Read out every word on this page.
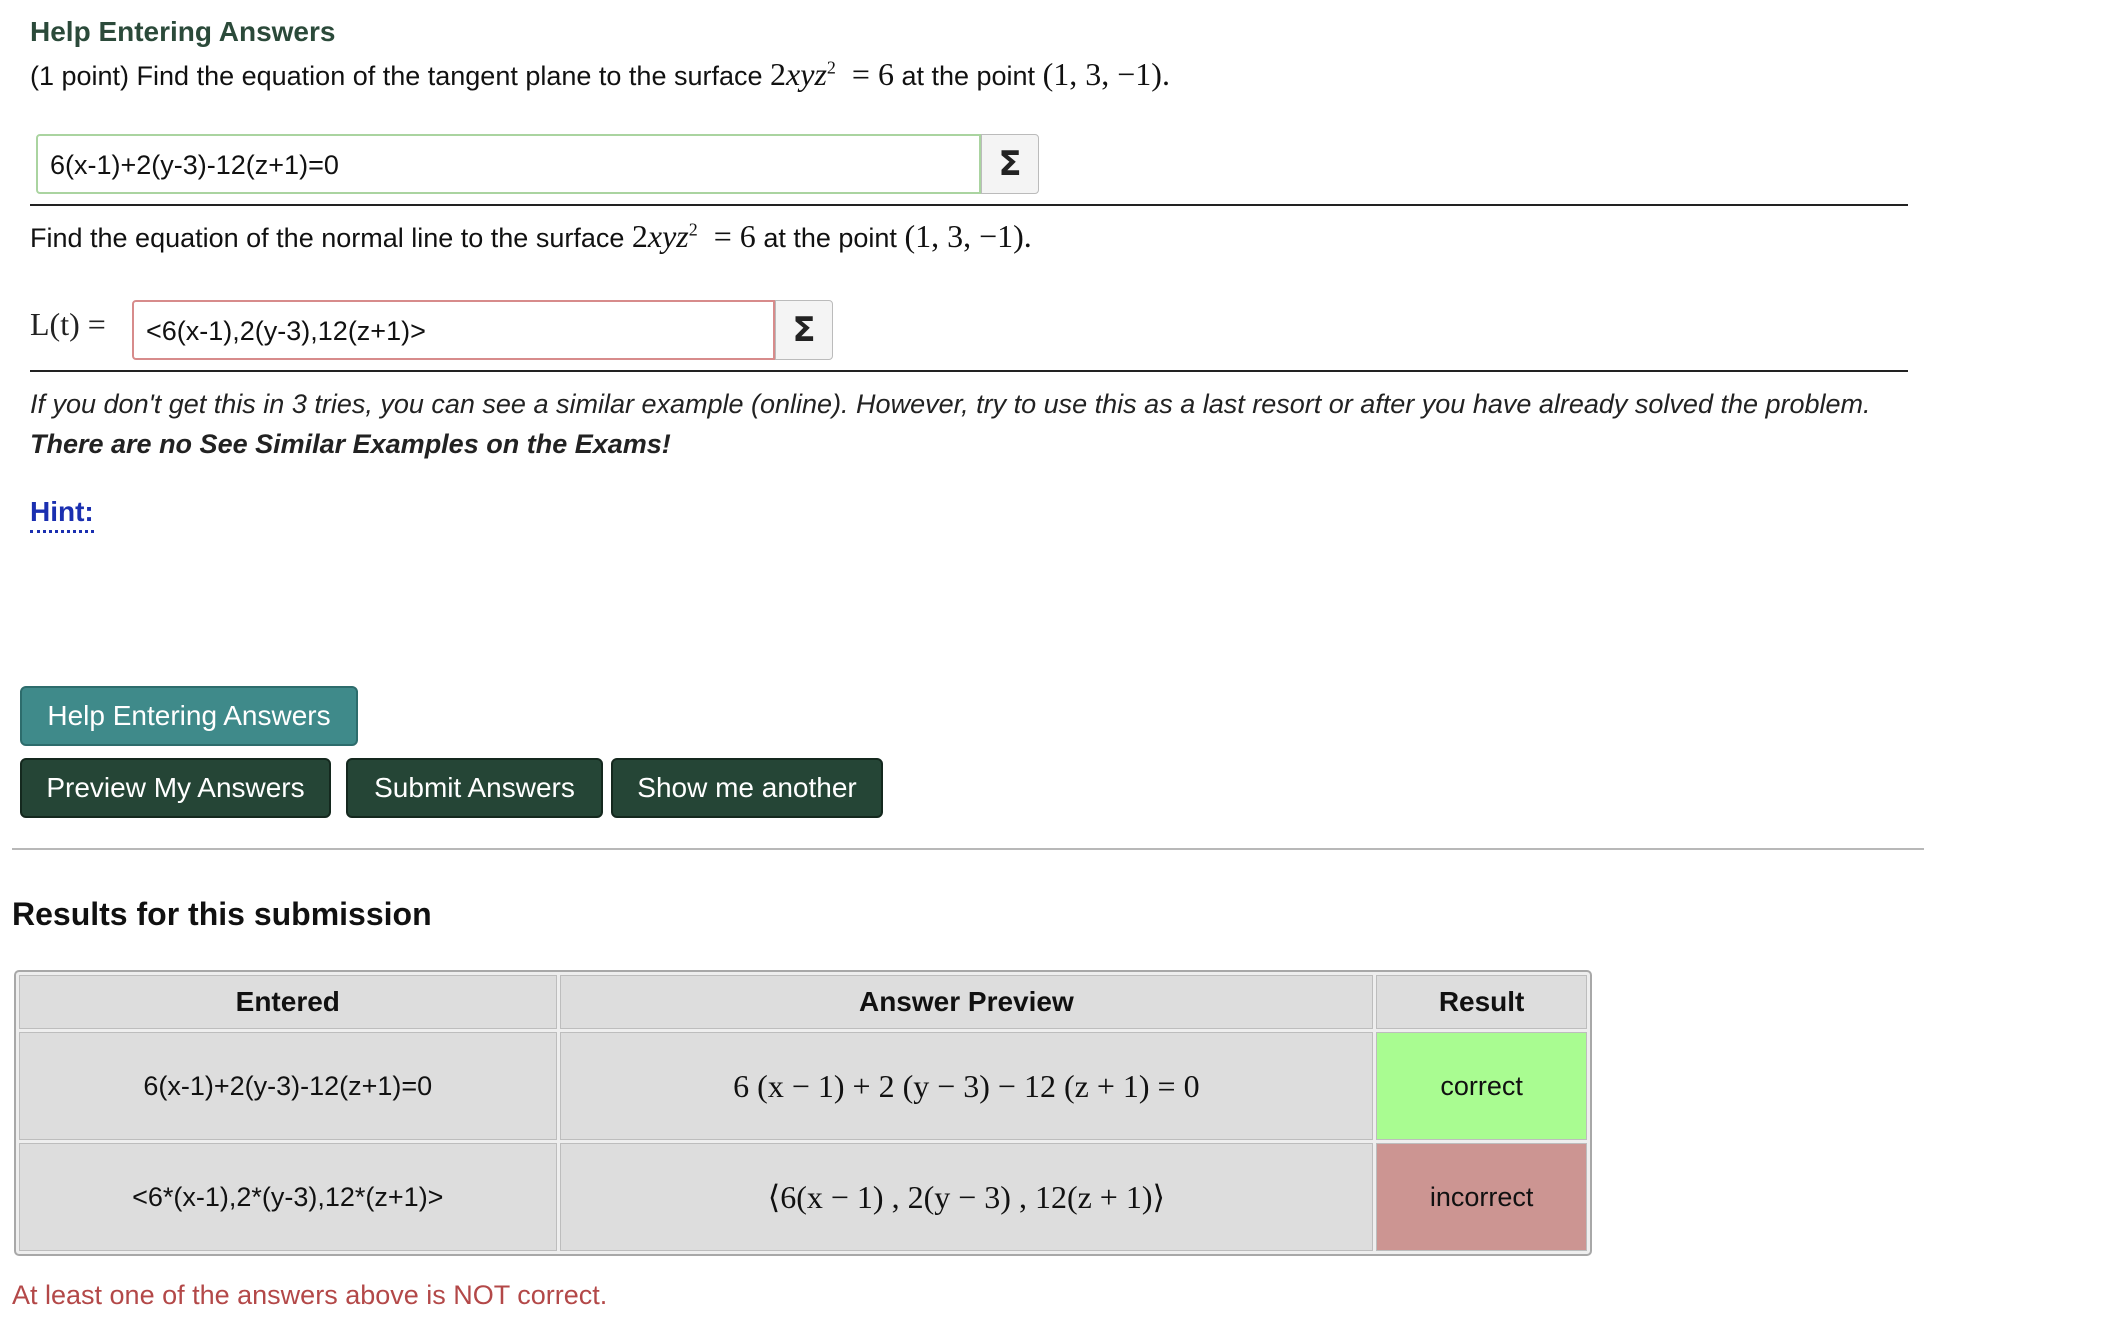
Help Entering Answers
(1 point) Find the equation of the tangent plane to the surface 2xyz$^2$  = 6 at the point (1, 3, −1).
6(x-1)+2(y-3)-12(z+1)=0	Σ
Find the equation of the normal line to the surface 2xyz$^2$  = 6 at the point (1, 3, −1).
L(t) =	<6(x-1),2(y-3),12(z+1)>	Σ
If you don't get this in 3 tries, you can see a similar example (online). However, try to use this as a last resort or after you have already solved the problem. There are no See Similar Examples on the Exams!
Hint:
Help Entering Answers
Preview My Answers	Submit Answers	Show me another
Results for this submission
Entered	Answer Preview	Result
6(x-1)+2(y-3)-12(z+1)=0	6 (x − 1) + 2 (y − 3) − 12 (z + 1) = 0	correct
<6*(x-1),2*(y-3),12*(z+1)>	⟨6(x − 1) , 2(y − 3) , 12(z + 1)⟩	incorrect
At least one of the answers above is NOT correct.
